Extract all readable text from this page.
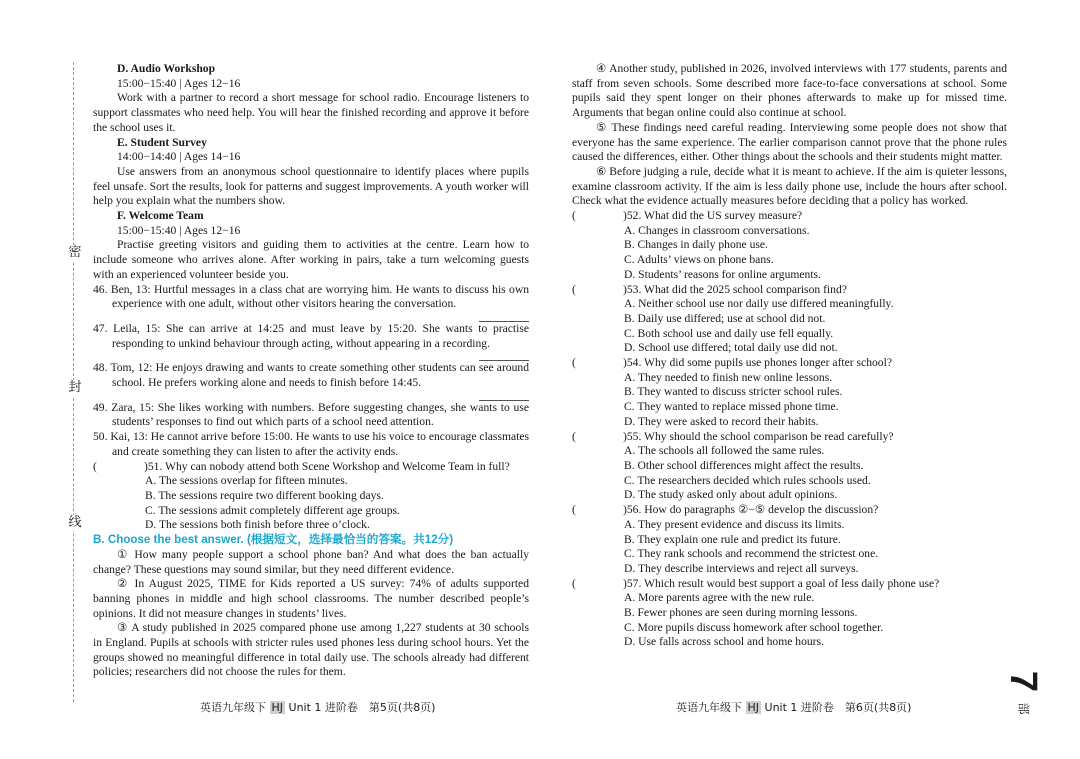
密
封
线

D. Audio Workshop

15:00−15:40 | Ages 12−16

Work with a partner to record a short message for school radio. Encourage listeners to support classmates who need help. You will hear the finished recording and approve it before the school uses it.

E. Student Survey

14:00−14:40 | Ages 14−16

Use answers from an anonymous school questionnaire to identify places where pupils feel unsafe. Sort the results, look for patterns and suggest improvements. A youth worker will help you explain what the numbers show.

F. Welcome Team

15:00−15:40 | Ages 12−16

Practise greeting visitors and guiding them to activities at the centre. Learn how to include someone who arrives alone. After working in pairs, take a turn welcoming guests with an experienced volunteer beside you.

46. Ben, 13: Hurtful messages in a class chat are worrying him. He wants to discuss his own experience with one adult, without other visitors hearing the conversation.

47. Leila, 15: She can arrive at 14:25 and must leave by 15:20. She wants to practise responding to unkind behaviour through acting, without appearing in a recording.

48. Tom, 12: He enjoys drawing and wants to create something other students can see around school. He prefers working alone and needs to finish before 14:45.

49. Zara, 15: She likes working with numbers. Before suggesting changes, she wants to use students’ responses to find out which parts of a school need attention.

50. Kai, 13: He cannot arrive before 15:00. He wants to use his voice to encourage classmates and create something they can listen to after the activity ends.

(	)51. Why can nobody attend both Scene Workshop and Welcome Team in full?

A. The sessions overlap for fifteen minutes.

B. The sessions require two different booking days.

C. The sessions admit completely different age groups.

D. The sessions both finish before three o’clock.

B. Choose the best answer. (根据短文，选择最恰当的答案。共12分)

① How many people support a school phone ban? And what does the ban actually change? These questions may sound similar, but they need different evidence.

② In August 2025, TIME for Kids reported a US survey: 74% of adults supported banning phones in middle and high school classrooms. The number described people’s opinions. It did not measure changes in students’ lives.

③ A study published in 2025 compared phone use among 1,227 students at 30 schools in England. Pupils at schools with stricter rules used phones less during school hours. Yet the groups showed no meaningful difference in total daily use. The schools already had different policies; researchers did not choose the rules for them.

④ Another study, published in 2026, involved interviews with 177 students, parents and staff from seven schools. Some described more face-to-face conversations at school. Some pupils said they spent longer on their phones afterwards to make up for missed time. Arguments that began online could also continue at school.

⑤ These findings need careful reading. Interviewing some people does not show that everyone has the same experience. The earlier comparison cannot prove that the phone rules caused the differences, either. Other things about the schools and their students might matter.

⑥ Before judging a rule, decide what it is meant to achieve. If the aim is quieter lessons, examine classroom activity. If the aim is less daily phone use, include the hours after school. Check what the evidence actually measures before deciding that a policy has worked.

(	)52. What did the US survey measure?

A. Changes in classroom conversations.

B. Changes in daily phone use.

C. Adults’ views on phone bans.

D. Students’ reasons for online arguments.

(	)53. What did the 2025 school comparison find?

A. Neither school use nor daily use differed meaningfully.

B. Daily use differed; use at school did not.

C. Both school use and daily use fell equally.

D. School use differed; total daily use did not.

(	)54. Why did some pupils use phones longer after school?

A. They needed to finish new online lessons.

B. They wanted to discuss stricter school rules.

C. They wanted to replace missed phone time.

D. They were asked to record their habits.

(	)55. Why should the school comparison be read carefully?

A. The schools all followed the same rules.

B. Other school differences might affect the results.

C. The researchers decided which rules schools used.

D. The study asked only about adult opinions.

(	)56. How do paragraphs ②−⑤ develop the discussion?

A. They present evidence and discuss its limits.

B. They explain one rule and predict its future.

C. They rank schools and recommend the strictest one.

D. They describe interviews and reject all surveys.

(	)57. Which result would best support a goal of less daily phone use?

A. More parents agree with the new rule.

B. Fewer phones are seen during morning lessons.

C. More pupils discuss homework after school together.

D. Use falls across school and home hours.

英语九年级下 HJ Unit 1 进阶卷　第5页(共8页)	英语九年级下 HJ Unit 1 进阶卷　第6页(共8页)
7
部
